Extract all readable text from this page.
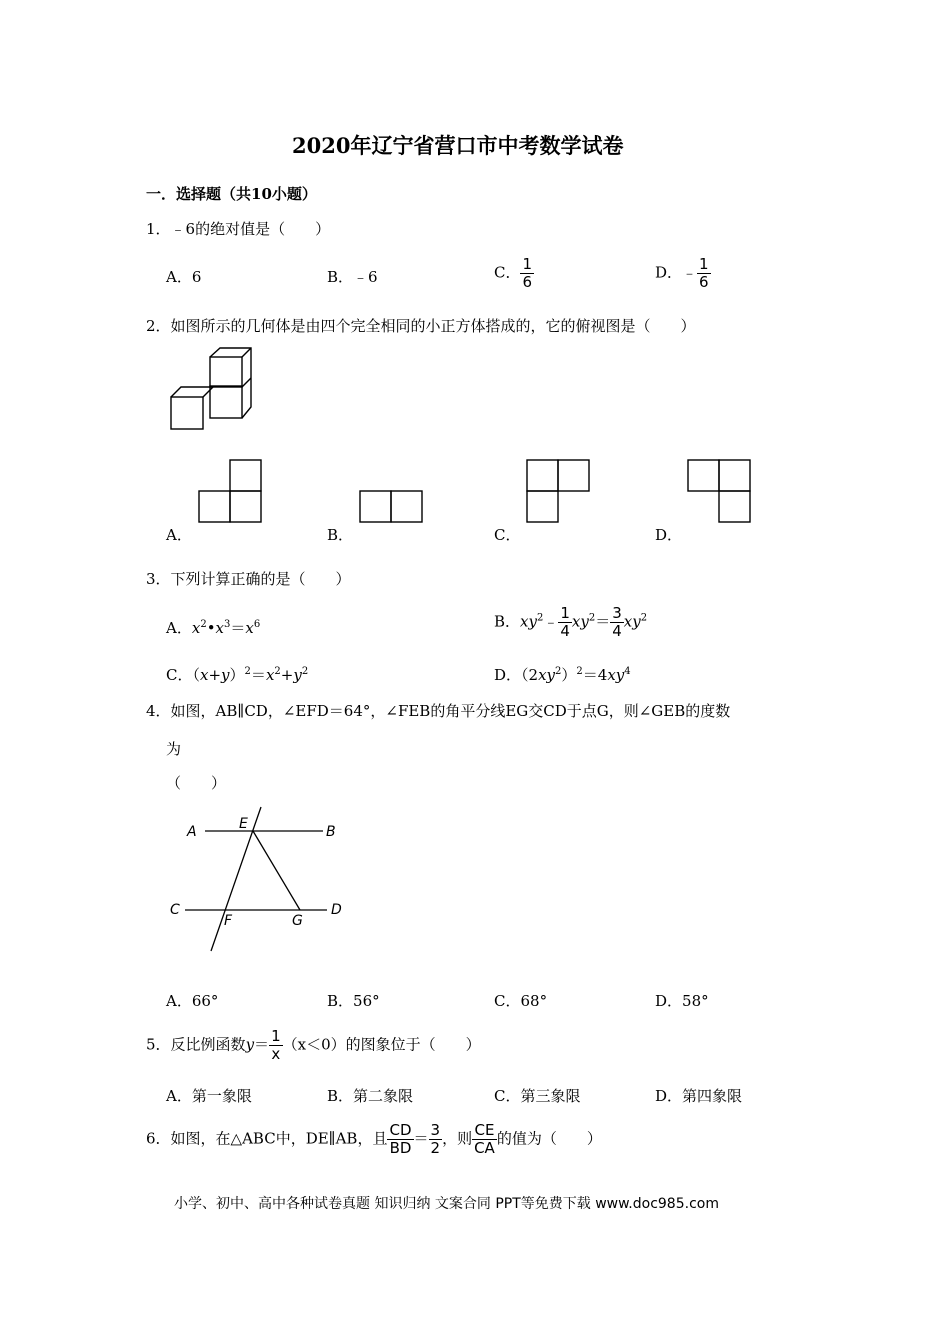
2020年辽宁省营口市中考数学试卷
一．选择题（共10小题）
1．﹣6的绝对值是（　　）
A．6	B．﹣6	C． $\frac{1}{6}$	D．﹣ $\frac{1}{6}$
2．如图所示的几何体是由四个完全相同的小正方体搭成的，它的俯视图是（　　）
A．	B．	C．	D．
3．下列计算正确的是（　　）
A．$x^2•x^3=x^6$	B．$xy^2﹣ \frac{1}{4} xy^2= \frac{3}{4} xy^2$
C．$(x+y)^2=x^2+y^2$	D．$(2xy^2)^2=4xy^4$
4．如图，AB∥CD，∠EFD＝64°，∠FEB的角平分线EG交CD于点G，则∠GEB的度数
为
（　　）
A	E	B
C
F	G
D
A．66°	B．56°	C．68°	D．58°
5．反比例函数$y= \frac{1}{x} (x<0)$的图象位于（　　）
A．第一象限	B．第二象限	C．第三象限	D．第四象限
6．如图，在△ABC中，DE∥AB，且 $\frac{CD}{BD} = \frac{3}{2}$ ，则 $\frac{CE}{CA}$ 的值为（　　）
小学、初中、高中各种试卷真题 知识归纳 文案合同 PPT等免费下载 www.doc985.com
